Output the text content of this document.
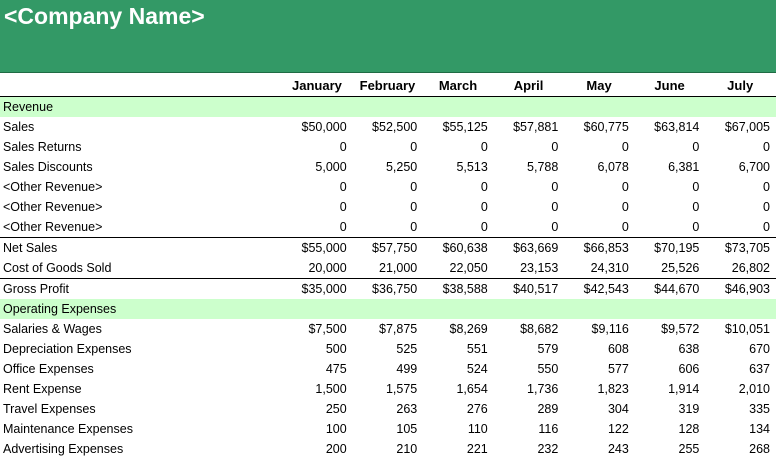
<Company Name>
	January	February	March	April	May	June	July
Revenue							
Sales	$50,000	$52,500	$55,125	$57,881	$60,775	$63,814	$67,005
Sales Returns	0	0	0	0	0	0	0
Sales Discounts	5,000	5,250	5,513	5,788	6,078	6,381	6,700
<Other Revenue>	0	0	0	0	0	0	0
<Other Revenue>	0	0	0	0	0	0	0
<Other Revenue>	0	0	0	0	0	0	0
Net Sales	$55,000	$57,750	$60,638	$63,669	$66,853	$70,195	$73,705
Cost of Goods Sold	20,000	21,000	22,050	23,153	24,310	25,526	26,802
Gross Profit	$35,000	$36,750	$38,588	$40,517	$42,543	$44,670	$46,903
Operating Expenses							
Salaries & Wages	$7,500	$7,875	$8,269	$8,682	$9,116	$9,572	$10,051
Depreciation Expenses	500	525	551	579	608	638	670
Office Expenses	475	499	524	550	577	606	637
Rent Expense	1,500	1,575	1,654	1,736	1,823	1,914	2,010
Travel Expenses	250	263	276	289	304	319	335
Maintenance Expenses	100	105	110	116	122	128	134
Advertising Expenses	200	210	221	232	243	255	268
